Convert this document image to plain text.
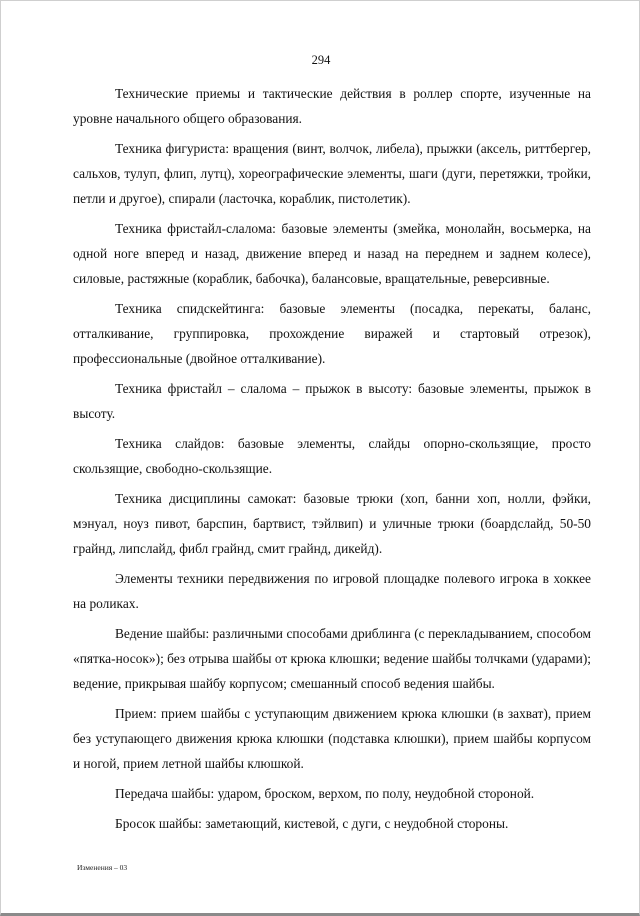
294

Технические приемы и тактические действия в роллер спорте, изученные на уровне начального общего образования.

Техника фигуриста: вращения (винт, волчок, либела), прыжки (аксель, риттбергер, сальхов, тулуп, флип, лутц), хореографические элементы, шаги (дуги, перетяжки, тройки, петли и другое), спирали (ласточка, кораблик, пистолетик).

Техника фристайл-слалома: базовые элементы (змейка, монолайн, восьмерка, на одной ноге вперед и назад, движение вперед и назад на переднем и заднем колесе), силовые, растяжные (кораблик, бабочка), балансовые, вращательные, реверсивные.

Техника спидскейтинга: базовые элементы (посадка, перекаты, баланс, отталкивание, группировка, прохождение виражей и стартовый отрезок), профессиональные (двойное отталкивание).

Техника фристайл – слалома – прыжок в высоту: базовые элементы, прыжок в высоту.

Техника слайдов: базовые элементы, слайды опорно-скользящие, просто скользящие, свободно-скользящие.

Техника дисциплины самокат: базовые трюки (хоп, банни хоп, нолли, фэйки, мэнуал, ноуз пивот, барспин, бартвист, тэйлвип) и уличные трюки (боардслайд, 50-50 грайнд, липслайд, фибл грайнд, смит грайнд, дикейд).

Элементы техники передвижения по игровой площадке полевого игрока в хоккее на роликах.

Ведение шайбы: различными способами дриблинга (с перекладыванием, способом «пятка-носок»); без отрыва шайбы от крюка клюшки; ведение шайбы толчками (ударами); ведение, прикрывая шайбу корпусом; смешанный способ ведения шайбы.

Прием: прием шайбы с уступающим движением крюка клюшки (в захват), прием без уступающего движения крюка клюшки (подставка клюшки), прием шайбы корпусом и ногой, прием летной шайбы клюшкой.

Передача шайбы: ударом, броском, верхом, по полу, неудобной стороной.

Бросок шайбы: заметающий, кистевой, с дуги, с неудобной стороны.

Изменения – 03
